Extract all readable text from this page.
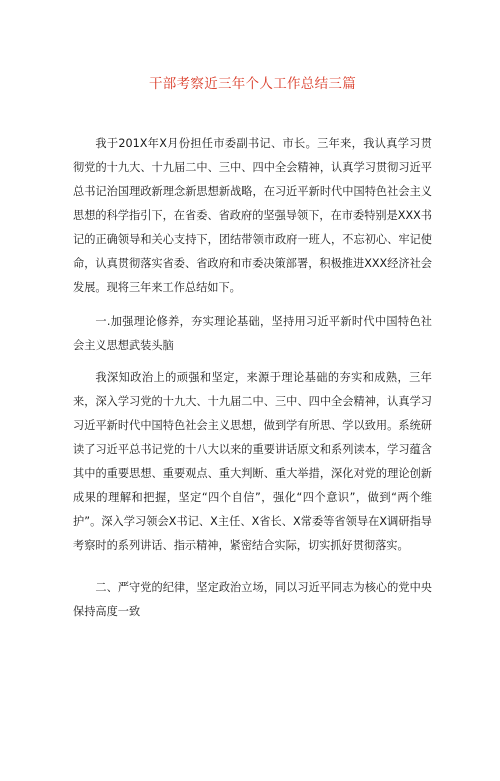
干部考察近三年个人工作总结三篇

我于201X年X月份担任市委副书记、市长。三年来，我认真学习贯彻党的十九大、十九届二中、三中、四中全会精神，认真学习贯彻习近平总书记治国理政新理念新思想新战略，在习近平新时代中国特色社会主义思想的科学指引下，在省委、省政府的坚强导领下，在市委特别是XXX书记的正确领导和关心支持下，团结带领市政府一班人，不忘初心、牢记使命，认真贯彻落实省委、省政府和市委决策部署，积极推进XXX经济社会发展。现将三年来工作总结如下。

一.加强理论修养，夯实理论基础，坚持用习近平新时代中国特色社会主义思想武装头脑

我深知政治上的顽强和坚定，来源于理论基础的夯实和成熟，三年来，深入学习党的十九大、十九届二中、三中、四中全会精神，认真学习习近平新时代中国特色社会主义思想，做到学有所思、学以致用。系统研读了习近平总书记党的十八大以来的重要讲话原文和系列读本，学习蕴含其中的重要思想、重要观点、重大判断、重大举措，深化对党的理论创新成果的理解和把握，坚定“四个自信”，强化“四个意识”，做到“两个维护”。深入学习领会X书记、X主任、X省长、X常委等省领导在X调研指导考察时的系列讲话、指示精神，紧密结合实际，切实抓好贯彻落实。

二、严守党的纪律，坚定政治立场，同以习近平同志为核心的党中央保持高度一致
